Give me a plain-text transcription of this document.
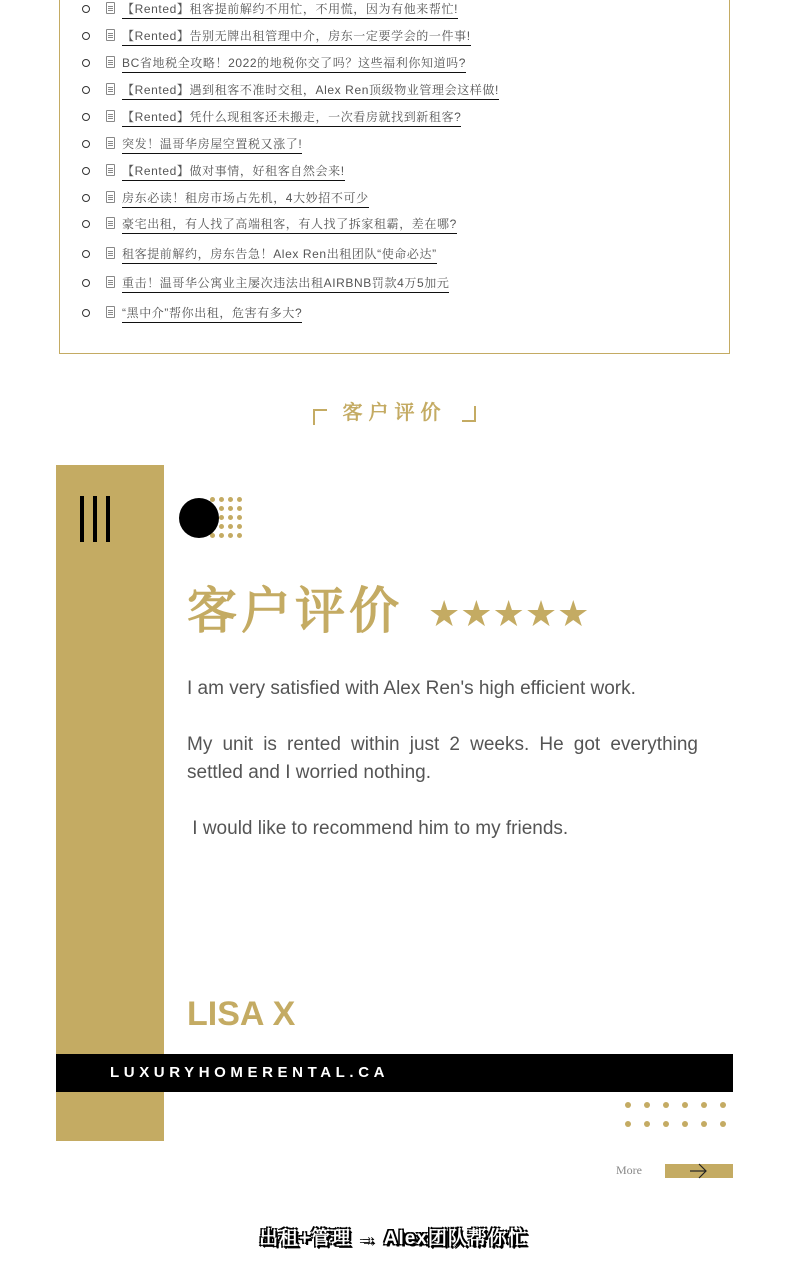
【Rented】租客提前解约不用忙，不用慌，因为有他来帮忙!
【Rented】告别无牌出租管理中介，房东一定要学会的一件事!
BC省地税全攻略！2022的地税你交了吗？这些福利你知道吗?
【Rented】遇到租客不准时交租，Alex Ren顶级物业管理会这样做!
【Rented】凭什么现租客还未搬走，一次看房就找到新租客?
突发！温哥华房屋空置税又涨了!
【Rented】做对事情，好租客自然会来!
房东必读！租房市场占先机，4大妙招不可少
豪宅出租，有人找了高端租客，有人找了拆家租霸，差在哪?
租客提前解约，房东告急！Alex Ren出租团队“使命必达”
重击！温哥华公寓业主屡次违法出租AIRBNB罚款4万5加元
“黑中介”帮你出租，危害有多大?
客户评价
客户评价 ★★★★★

I am very satisfied with Alex Ren's high efficient work.

My unit is rented within just 2 weeks. He got everything settled and I worried nothing.

I would like to recommend him to my friends.

LISA X
LUXURYHOMERENTAL.CA
More
出租+管理 → Alex团队帮你忙
